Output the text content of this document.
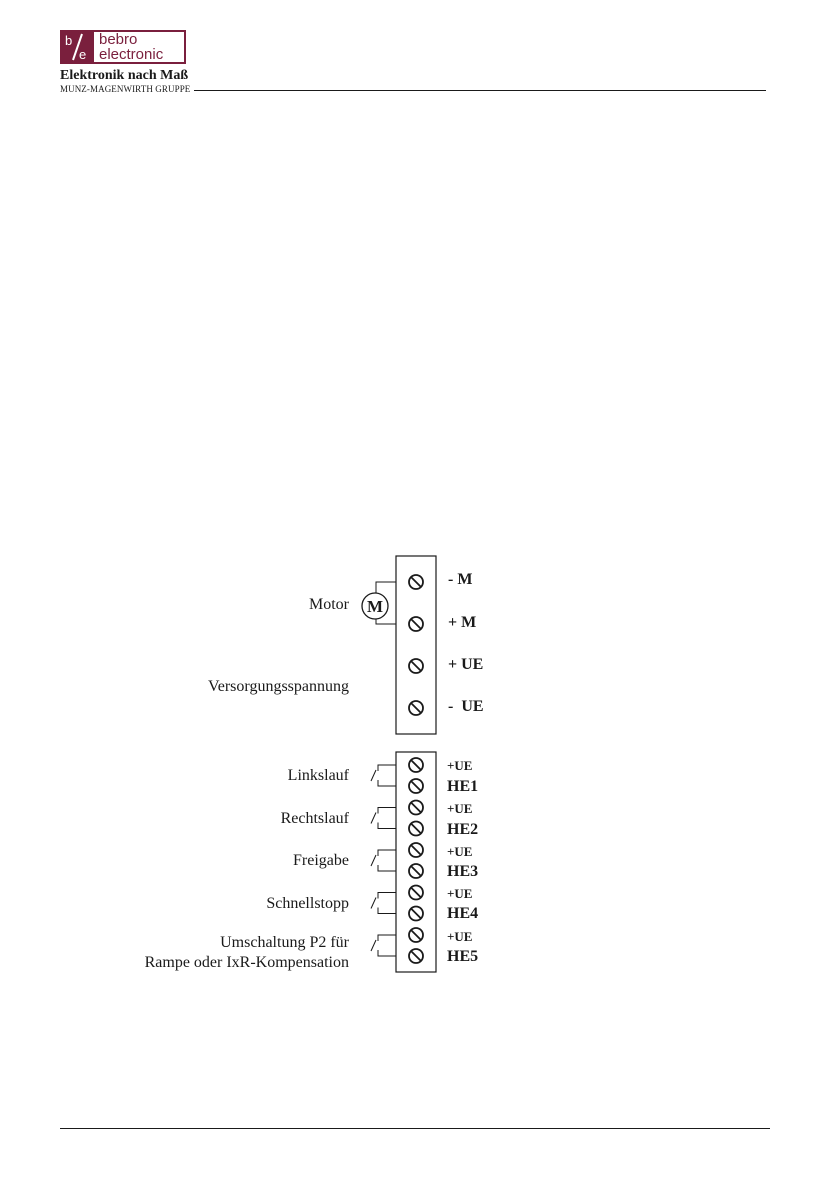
b
e
bebro
electronic
Elektronik nach Maß
MUNZ-MAGENWIRTH GRUPPE
M
Motor
Versorgungsspannung
- M
+ M
+ UE
-  UE
Linkslauf
Rechtslauf
Freigabe
Schnellstopp
Umschaltung P2 für
Rampe oder IxR-Kompensation
+UE
HE1
+UE
HE2
+UE
HE3
+UE
HE4
+UE
HE5
